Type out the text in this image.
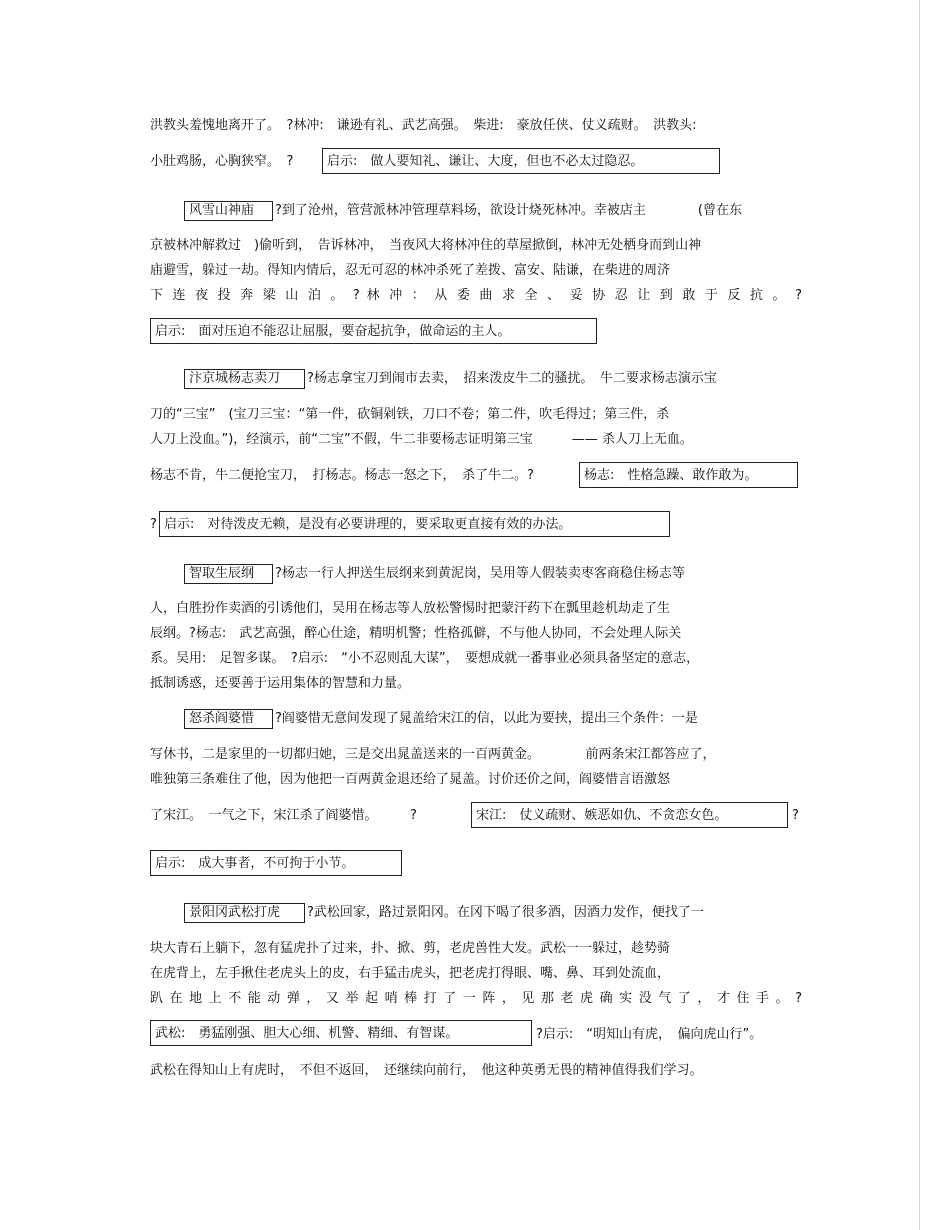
洪教头羞愧地离开了。　?林冲:　谦逊有礼、武艺高强。　柴进:　豪放任侠、仗义疏财。　洪教头:
小肚鸡肠，心胸狭窄。　?	启示:　做人要知礼、谦让、大度，但也不必太过隐忍。
风雪山神庙	?到了沧州，管营派林冲管理草料场，欲设计烧死林冲。幸被店主　　　　(曾在东
京被林冲解救过　)偷听到，　告诉林冲，　当夜风大将林冲住的草屋掀倒，林冲无处栖身而到山神
庙避雪，躲过一劫。得知内情后，忍无可忍的林冲杀死了差拨、富安、陆谦，在柴进的周济
下 连 夜 投 奔 梁 山 泊 。 ? 林 冲 ： 从 委 曲 求 全 、 妥 协 忍 让 到 敢 于 反 抗 。 ?
启示:　面对压迫不能忍让屈服，要奋起抗争，做命运的主人。
汴京城杨志卖刀	?杨志拿宝刀到闹市去卖，　招来泼皮牛二的骚扰。　牛二要求杨志演示宝
刀的“三宝”　(宝刀三宝：“第一件，砍铜剁铁，刀口不卷；第二件，吹毛得过；第三件，杀
人刀上没血。”)，经演示，前“二宝”不假，牛二非要杨志证明第三宝　　　—— 杀人刀上无血。
杨志不肯，牛二便抢宝刀，　打杨志。杨志一怒之下，　杀了牛二。?	杨志:　性格急躁、敢作敢为。
? 启示:　对待泼皮无赖，是没有必要讲理的，要采取更直接有效的办法。
智取生辰纲	?杨志一行人押送生辰纲来到黄泥岗，吴用等人假装卖枣客商稳住杨志等
人，白胜扮作卖酒的引诱他们，吴用在杨志等人放松警惕时把蒙汗药下在瓢里趁机劫走了生
辰纲。?杨志:　武艺高强，醉心仕途，精明机警；性格孤僻，不与他人协同，不会处理人际关
系。吴用:　足智多谋。　?启示:　“小不忍则乱大谋”，　要想成就一番事业必须具备坚定的意志，
抵制诱惑，还要善于运用集体的智慧和力量。
怒杀阎婆惜	?阎婆惜无意间发现了晁盖给宋江的信，以此为要挟，提出三个条件：一是
写休书，二是家里的一切都归她，三是交出晁盖送来的一百两黄金。　　　　前两条宋江都答应了，
唯独第三条难住了他，因为他把一百两黄金退还给了晁盖。讨价还价之间，阎婆惜言语激怒
了宋江。　一气之下，宋江杀了阎婆惜。　　　?	宋江:　仗义疏财、嫉恶如仇、不贪恋女色。	?
启示:　成大事者，不可拘于小节。
景阳冈武松打虎	?武松回家，路过景阳冈。在冈下喝了很多酒，因酒力发作，便找了一
块大青石上躺下，忽有猛虎扑了过来，扑、掀、剪，老虎兽性大发。武松一一躲过，趁势骑
在虎背上，左手揪住老虎头上的皮，右手猛击虎头，把老虎打得眼、嘴、鼻、耳到处流血，
趴 在 地 上 不 能 动 弹 ， 又 举 起 哨 棒 打 了 一 阵 ， 见 那 老 虎 确 实 没 气 了 ， 才 住 手 。 ?
武松:　勇猛刚强、胆大心细、机警、精细、有智谋。	?启示:　“明知山有虎，　偏向虎山行”。
武松在得知山上有虎时，　不但不返回，　还继续向前行，　他这种英勇无畏的精神值得我们学习。
